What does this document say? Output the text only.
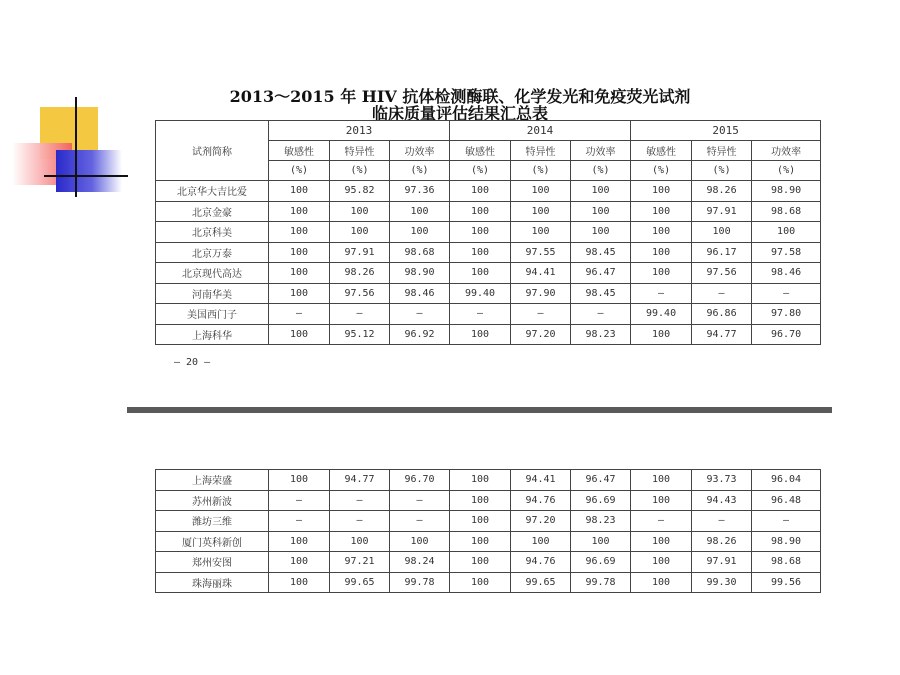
2013～2015 年 HIV 抗体检测酶联、化学发光和免疫荧光试剂
临床质量评估结果汇总表
试剂简称	2013			2014			2015		
	敏感性	特异性	功效率	敏感性	特异性	功效率	敏感性	特异性	功效率
	(%)	(%)	(%)	(%)	(%)	(%)	(%)	(%)	(%)
北京华大吉比爱	100	95.82	97.36	100	100	100	100	98.26	98.90
北京金豪	100	100	100	100	100	100	100	97.91	98.68
北京科美	100	100	100	100	100	100	100	100	100
北京万泰	100	97.91	98.68	100	97.55	98.45	100	96.17	97.58
北京现代高达	100	98.26	98.90	100	94.41	96.47	100	97.56	98.46
河南华美	100	97.56	98.46	99.40	97.90	98.45	—	—	—
美国西门子	—	—	—	—	—	—	99.40	96.86	97.80
上海科华	100	95.12	96.92	100	97.20	98.23	100	94.77	96.70
– 20 –
上海荣盛	100	94.77	96.70	100	94.41	96.47	100	93.73	96.04
苏州新波	—	—	—	100	94.76	96.69	100	94.43	96.48
潍坊三维	—	—	—	100	97.20	98.23	—	—	—
厦门英科新创	100	100	100	100	100	100	100	98.26	98.90
郑州安图	100	97.21	98.24	100	94.76	96.69	100	97.91	98.68
珠海丽珠	100	99.65	99.78	100	99.65	99.78	100	99.30	99.56
